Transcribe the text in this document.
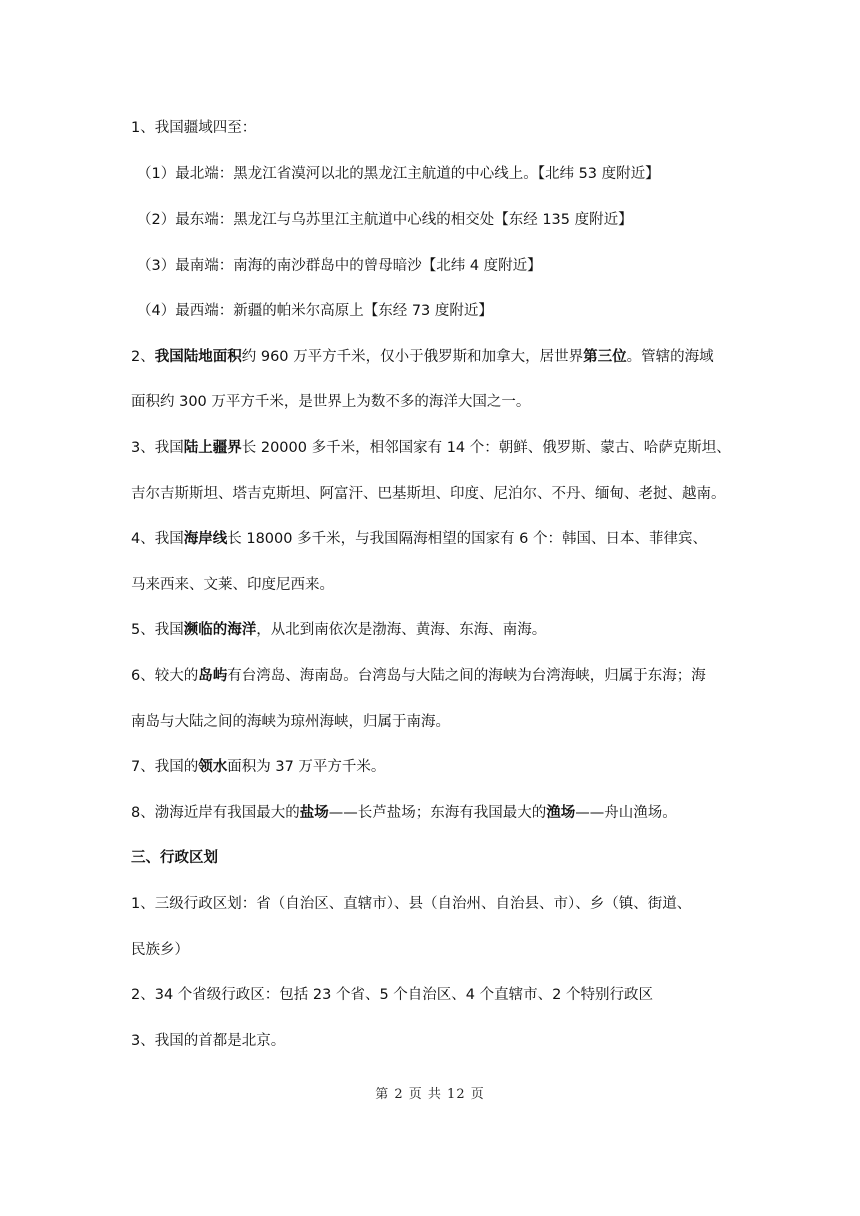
1、我国疆域四至：
（1）最北端：黑龙江省漠河以北的黑龙江主航道的中心线上。【北纬 53 度附近】
（2）最东端：黑龙江与乌苏里江主航道中心线的相交处【东经 135 度附近】
（3）最南端：南海的南沙群岛中的曾母暗沙【北纬 4 度附近】
（4）最西端：新疆的帕米尔高原上【东经 73 度附近】
2、我国陆地面积约 960 万平方千米，仅小于俄罗斯和加拿大，居世界第三位。管辖的海域
面积约 300 万平方千米，是世界上为数不多的海洋大国之一。
3、我国陆上疆界长 20000 多千米，相邻国家有 14 个：朝鲜、俄罗斯、蒙古、哈萨克斯坦、
吉尔吉斯斯坦、塔吉克斯坦、阿富汗、巴基斯坦、印度、尼泊尔、不丹、缅甸、老挝、越南。
4、我国海岸线长 18000 多千米，与我国隔海相望的国家有 6 个：韩国、日本、菲律宾、
马来西来、文莱、印度尼西来。
5、我国濒临的海洋，从北到南依次是渤海、黄海、东海、南海。
6、较大的岛屿有台湾岛、海南岛。台湾岛与大陆之间的海峡为台湾海峡，归属于东海；海
南岛与大陆之间的海峡为琼州海峡，归属于南海。
7、我国的领水面积为 37 万平方千米。
8、渤海近岸有我国最大的盐场——长芦盐场；东海有我国最大的渔场——舟山渔场。
三、行政区划
1、三级行政区划：省（自治区、直辖市）、县（自治州、自治县、市）、乡（镇、街道、
民族乡）
2、34 个省级行政区：包括 23 个省、5 个自治区、4 个直辖市、2 个特别行政区
3、我国的首都是北京。
第 2 页 共 12 页
